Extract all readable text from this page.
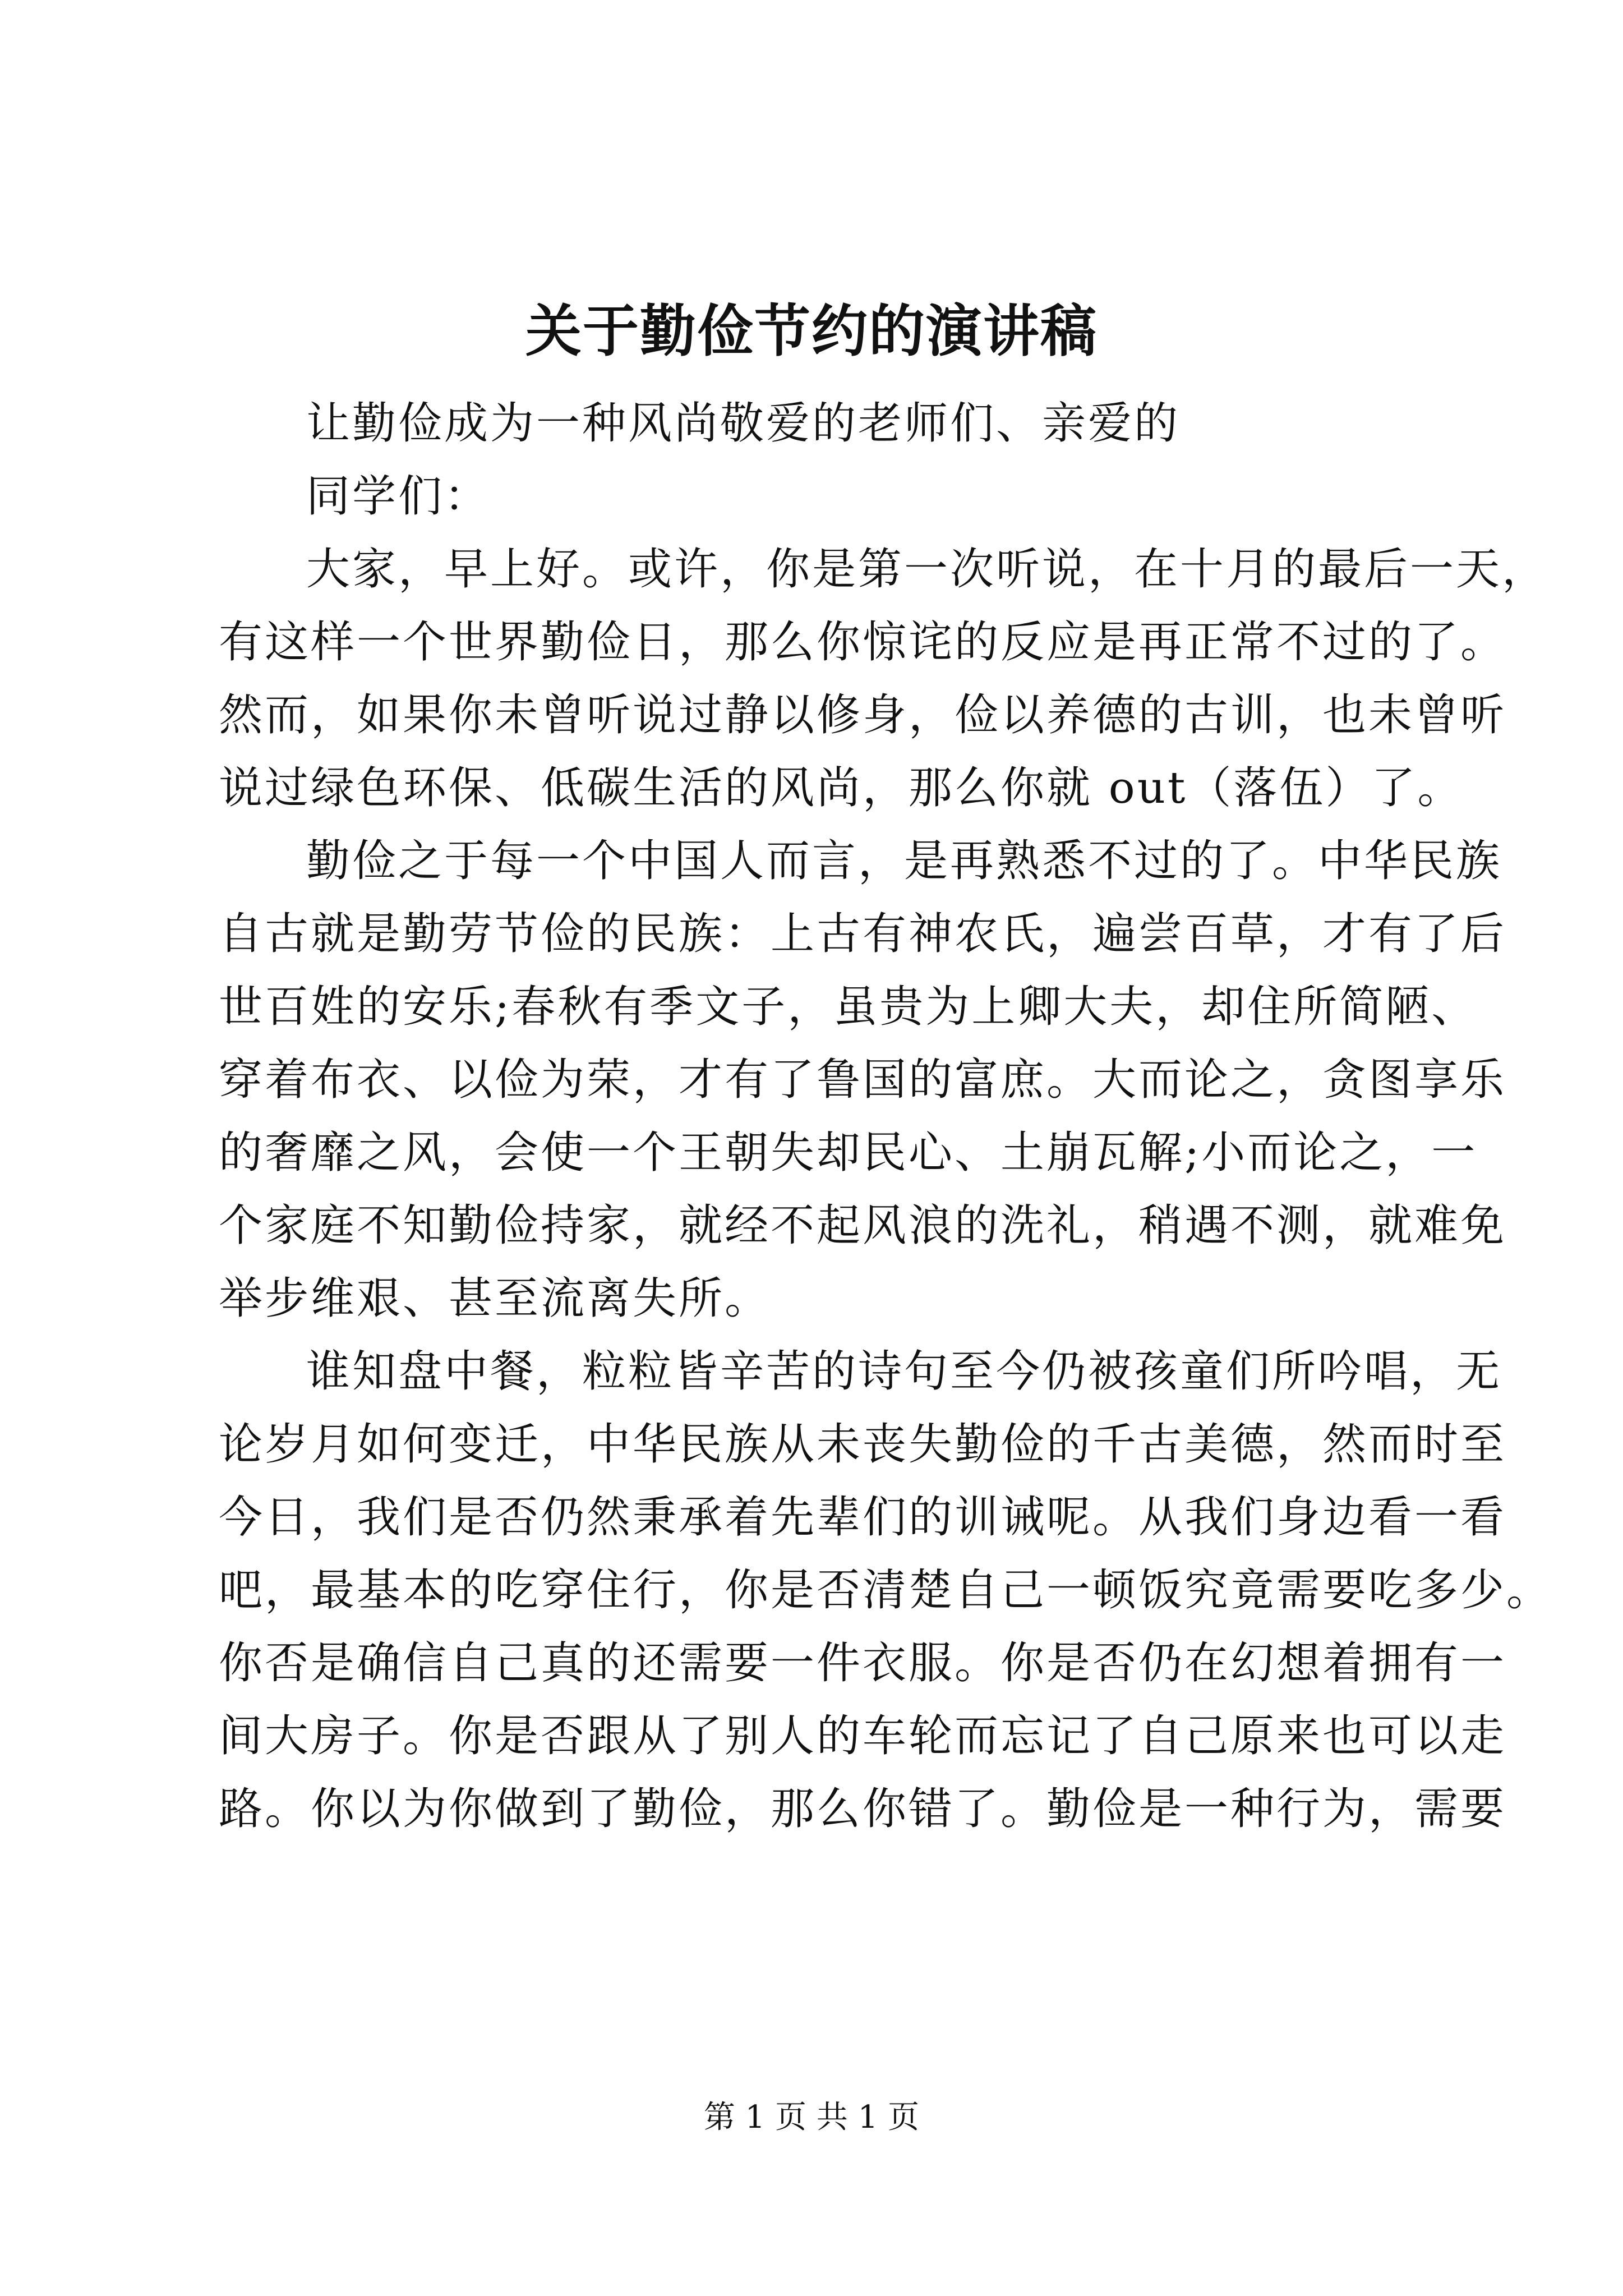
关于勤俭节约的演讲稿
让勤俭成为一种风尚敬爱的老师们、亲爱的
同学们：
大家，早上好。或许，你是第一次听说，在十月的最后一天，
有这样一个世界勤俭日，那么你惊诧的反应是再正常不过的了。
然而，如果你未曾听说过静以修身，俭以养德的古训，也未曾听
说过绿色环保、低碳生活的风尚，那么你就 out（落伍）了。
勤俭之于每一个中国人而言，是再熟悉不过的了。中华民族
自古就是勤劳节俭的民族：上古有神农氏，遍尝百草，才有了后
世百姓的安乐;春秋有季文子，虽贵为上卿大夫，却住所简陋、
穿着布衣、以俭为荣，才有了鲁国的富庶。大而论之，贪图享乐
的奢靡之风，会使一个王朝失却民心、土崩瓦解;小而论之，一
个家庭不知勤俭持家，就经不起风浪的洗礼，稍遇不测，就难免
举步维艰、甚至流离失所。
谁知盘中餐，粒粒皆辛苦的诗句至今仍被孩童们所吟唱，无
论岁月如何变迁，中华民族从未丧失勤俭的千古美德，然而时至
今日，我们是否仍然秉承着先辈们的训诫呢。从我们身边看一看
吧，最基本的吃穿住行，你是否清楚自己一顿饭究竟需要吃多少。
你否是确信自己真的还需要一件衣服。你是否仍在幻想着拥有一
间大房子。你是否跟从了别人的车轮而忘记了自己原来也可以走
路。你以为你做到了勤俭，那么你错了。勤俭是一种行为，需要
第 1 页 共 1 页
